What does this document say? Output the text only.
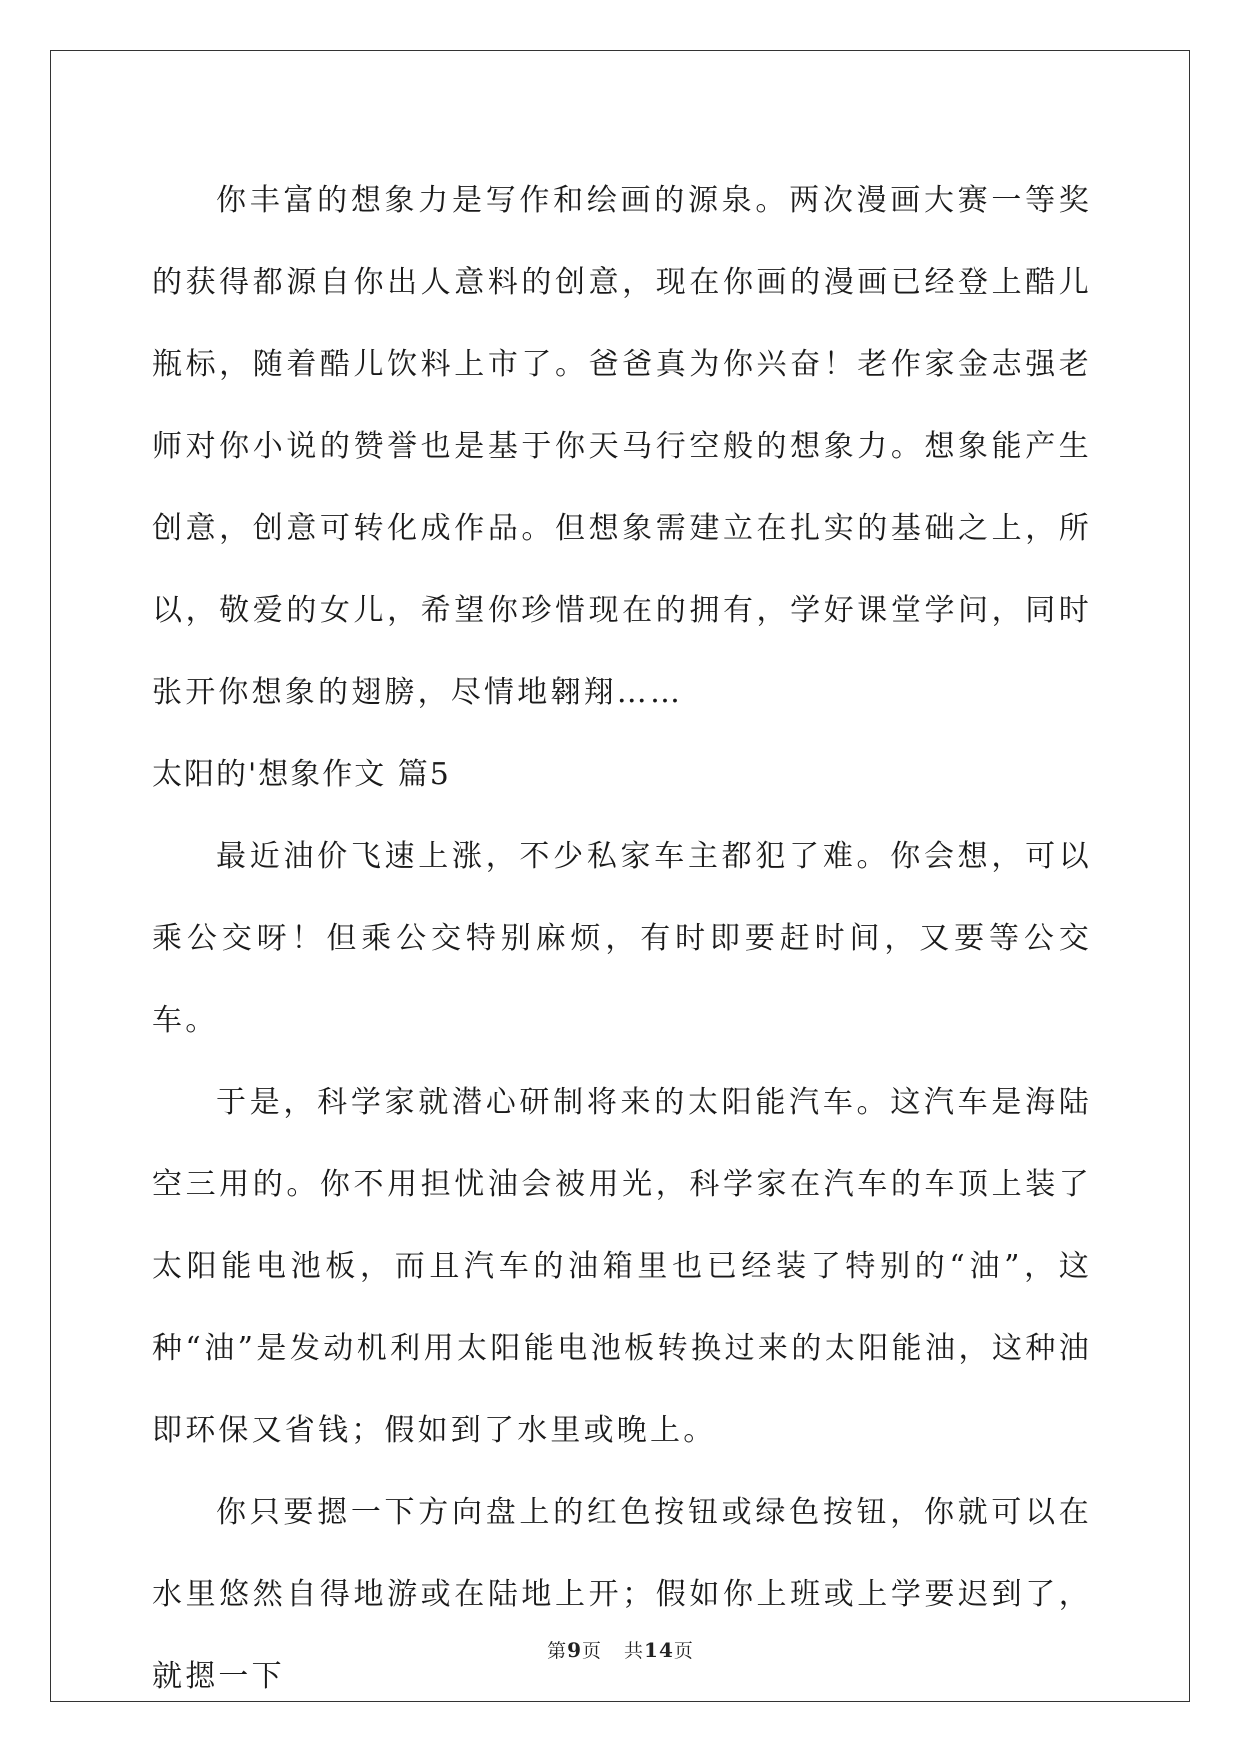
你丰富的想象力是写作和绘画的源泉。两次漫画大赛一等奖的获得都源自你出人意料的创意，现在你画的漫画已经登上酷儿瓶标，随着酷儿饮料上市了。爸爸真为你兴奋！老作家金志强老师对你小说的赞誉也是基于你天马行空般的想象力。想象能产生创意，创意可转化成作品。但想象需建立在扎实的基础之上，所以，敬爱的女儿，希望你珍惜现在的拥有，学好课堂学问，同时张开你想象的翅膀，尽情地翱翔……

太阳的'想象作文 篇5

最近油价飞速上涨，不少私家车主都犯了难。你会想，可以乘公交呀！但乘公交特别麻烦，有时即要赶时间，又要等公交车。

于是，科学家就潜心研制将来的太阳能汽车。这汽车是海陆空三用的。你不用担忧油会被用光，科学家在汽车的车顶上装了太阳能电池板，而且汽车的油箱里也已经装了特别的“油”，这种“油”是发动机利用太阳能电池板转换过来的太阳能油，这种油即环保又省钱；假如到了水里或晚上。

你只要摁一下方向盘上的红色按钮或绿色按钮，你就可以在水里悠然自得地游或在陆地上开；假如你上班或上学要迟到了，就摁一下

第9页 共14页
